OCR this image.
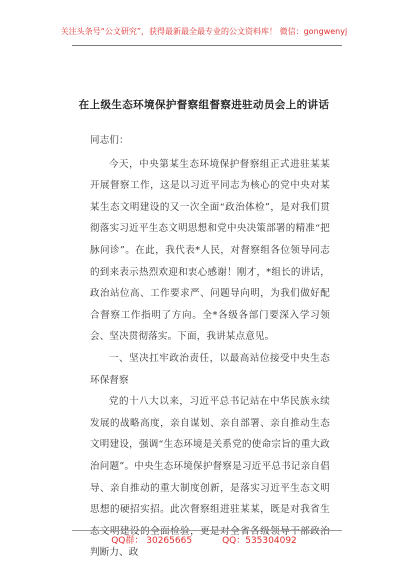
关注头条号“公文研究”，获得最新最全最专业的公文资料库！ 微信：gongwenyj
在上级生态环境保护督察组督察进驻动员会上的讲话

同志们：

今天，中央第某生态环境保护督察组正式进驻某某开展督察工作，这是以习近平同志为核心的党中央对某某生态文明建设的又一次全面“政治体检”，是对我们贯彻落实习近平生态文明思想和党中央决策部署的精准“把脉问诊”。在此，我代表*人民，对督察组各位领导同志的到来表示热烈欢迎和衷心感谢！刚才，*组长的讲话，政治站位高、工作要求严、问题导向明，为我们做好配合督察工作指明了方向。全*各级各部门要深入学习领会、坚决贯彻落实。下面，我讲某点意见。

一、坚决扛牢政治责任，以最高站位接受中央生态环保督察

党的十八大以来，习近平总书记站在中华民族永续发展的战略高度，亲自谋划、亲自部署、亲自推动生态文明建设，强调“生态环境是关系党的使命宗旨的重大政治问题”。中央生态环境保护督察是习近平总书记亲自倡导、亲自推动的重大制度创新，是落实习近平生态文明思想的硬招实招。此次督察组进驻某某，既是对我省生态文明建设的全面检验，更是对全省各级领导干部政治判断力、政

QQ群： 30265665	QQ：535304092
